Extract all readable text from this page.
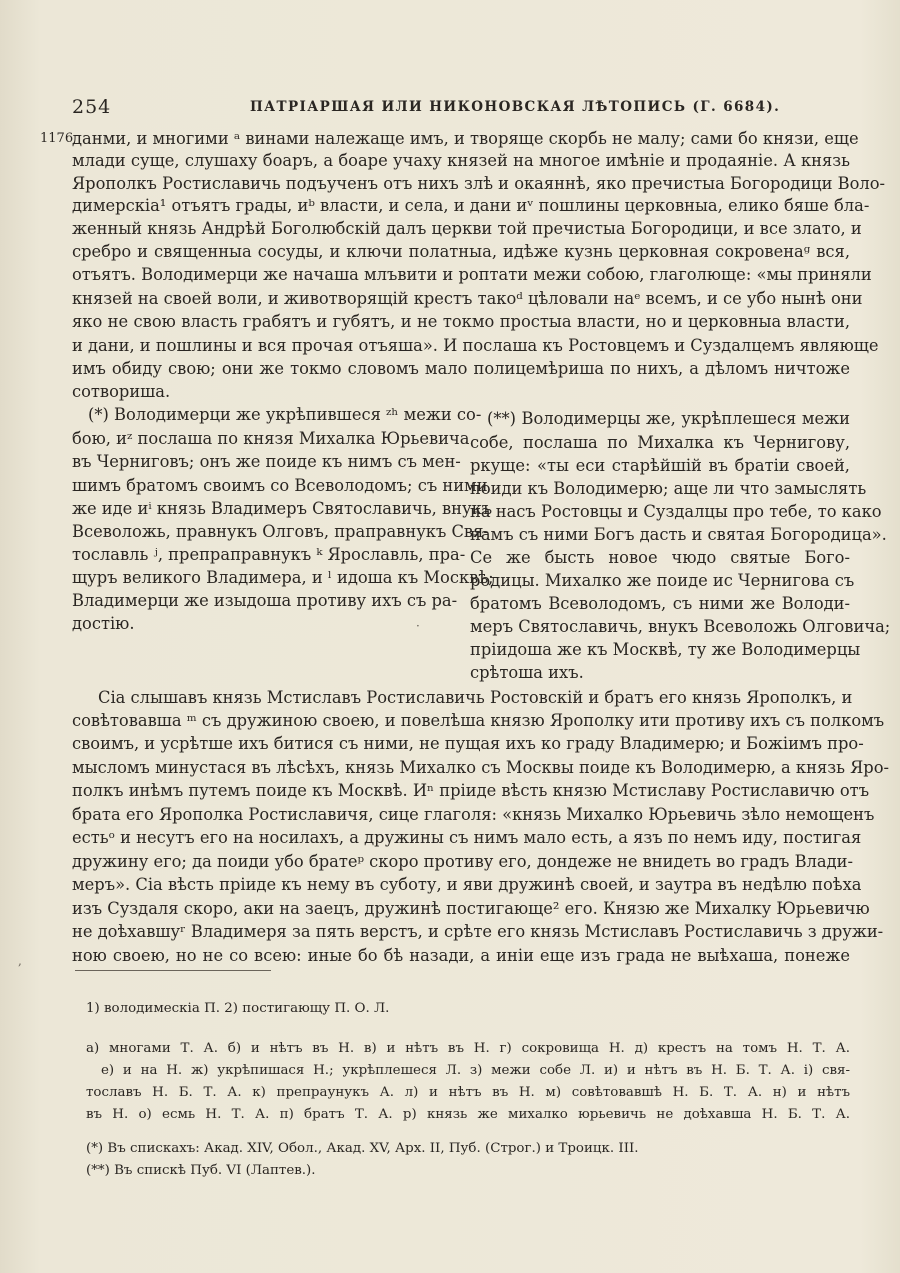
254	ПАТРІАРШАЯ ИЛИ НИКОНОВСКАЯ ЛѢТОПИСЬ (Г. 6684).
1176
данми, и многими ᵃ винами належаще имъ, и творяще скорбь не малу; сами бо князи, еще
млади суще, слушаху боаръ, а боаре учаху князей на многое имѣніе и продаяніе. А князь
Ярополкъ Ростиславичь подъученъ отъ нихъ злѣ и окаяннѣ, яко пречистыа Богородици Воло-
димерскіа¹ отъятъ грады, иᵇ власти, и села, и дани иᵛ пошлины церковныа, елико бяше бла-
женный князь Андрѣй Боголюбскій далъ церкви той пречистыа Богородици, и все злато, и
сребро и священныа сосуды, и ключи полатныа, идѣже кузнь церковная сокровенаᵍ вся,
отъятъ. Володимерци же начаша млъвити и роптати межи собою, глаголюще: «мы приняли
князей на своей воли, и животворящій крестъ такоᵈ цѣловали наᵉ всемъ, и се убо нынѣ они
яко не свою власть грабятъ и губятъ, и не токмо простыа власти, но и церковныа власти,
и дани, и пошлины и вся прочая отъяша». И послаша къ Ростовцемъ и Суздалцемъ являюще
имъ обиду свою; они же токмо словомъ мало полицемѣриша по нихъ, а дѣломъ ничтоже
сотвориша.
(*) Володимерци же укрѣпившеся ᶻʰ межи со-
бою, иᶻ послаша по князя Михалка Юрьевича
въ Черниговъ; онъ же поиде къ нимъ съ мен-
шимъ братомъ своимъ со Всеволодомъ; съ ними
же иде иⁱ князь Владимеръ Святославичь, внукъ
Всеволожь, правнукъ Олговъ, праправнукъ Свя-
тославль ʲ, препраправнукъ ᵏ Ярославль, пра-
щуръ великого Владимера, и ˡ идоша къ Москвѣ;
Владимерци же изыдоша противу ихъ съ ра-
достію.
(**) Володимерцы же, укрѣплешеся межи
собе, послаша по Михалка къ Чернигову,
ркуще: «ты еси старѣйшій въ братіи своей,
поиди къ Володимерю; аще ли что замыслять
на насъ Ростовцы и Суздалцы про тебе, то како
намъ съ ними Богъ дасть и святая Богородица».
Се же бысть новое чюдо святые Бого-
родицы. Михалко же поиде ис Чернигова съ
братомъ Всеволодомъ, съ ними же Володи-
меръ Святославичь, внукъ Всеволожь Олговича;
пріидоша же къ Москвѣ, ту же Володимерцы
срѣтоша ихъ.
Сіа слышавъ князь Мстиславъ Ростиславичь Ростовскій и братъ его князь Ярополкъ, и
совѣтовавша ᵐ съ дружиною своею, и повелѣша князю Ярополку ити противу ихъ съ полкомъ
своимъ, и усрѣтше ихъ битися съ ними, не пущая ихъ ко граду Владимерю; и Божіимъ про-
мысломъ минустася въ лѣсѣхъ, князь Михалко съ Москвы поиде къ Володимерю, а князь Яро-
полкъ инѣмъ путемъ поиде къ Москвѣ. Иⁿ пріиде вѣсть князю Мстиславу Ростиславичю отъ
брата его Ярополка Ростиславичя, сице глаголя: «князь Михалко Юрьевичь зѣло немощенъ
естьᵒ и несутъ его на носилахъ, а дружины съ нимъ мало есть, а язъ по немъ иду, постигая
дружину его; да поиди убо братеᵖ скоро противу его, дондеже не внидеть во градъ Влади-
меръ». Сіа вѣсть пріиде къ нему въ суботу, и яви дружинѣ своей, и заутра въ недѣлю поѣха
изъ Суздаля скоро, аки на заецъ, дружинѣ постигающе² его. Князю же Михалку Юрьевичю
не доѣхавшуʳ Владимеря за пять верстъ, и срѣте его князь Мстиславъ Ростиславичь з дружи-
ною своею, но не со всею: иные бо бѣ назади, а иніи еще изъ града не выѣхаша, понеже
1) володимескіа П. 2) постигающу П. О. Л.
а) многами Т. А. б) и нѣтъ въ Н. в) и нѣтъ въ Н. г) сокровища Н. д) крестъ на томъ Н. Т. А.
е) и на Н. ж) укрѣпишася Н.; укрѣплешеся Л. з) межи собе Л. и) и нѣтъ въ Н. Б. Т. А. і) свя-
тославъ Н. Б. Т. А. к) препраунукъ А. л) и нѣтъ въ Н. м) совѣтовавшѣ Н. Б. Т. А. н) и нѣтъ
въ Н. о) есмь Н. Т. А. п) братъ Т. А. р) князь же михалко юрьевичь не доѣхавша Н. Б. Т. А.
(*) Въ спискахъ: Акад. XIV, Обол., Акад. XV, Арх. II, Пуб. (Строг.) и Троицк. III.
(**) Въ спискѣ Пуб. VI (Лаптев.).
·
,
